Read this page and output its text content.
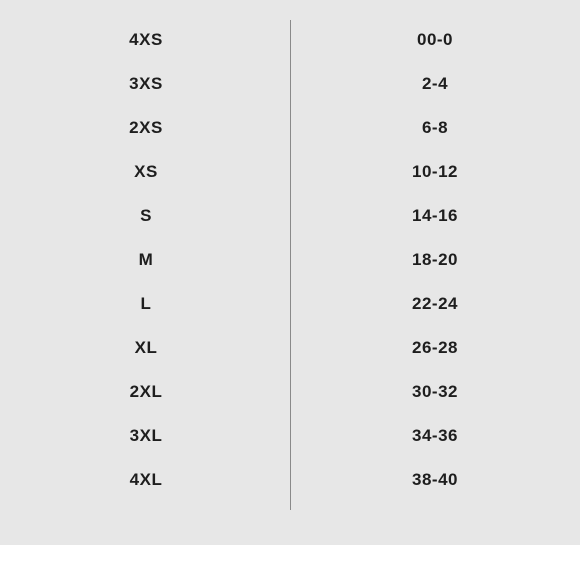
4XS
3XS
2XS
XS
S
M
L
XL
2XL
3XL
4XL
00-0
2-4
6-8
10-12
14-16
18-20
22-24
26-28
30-32
34-36
38-40
